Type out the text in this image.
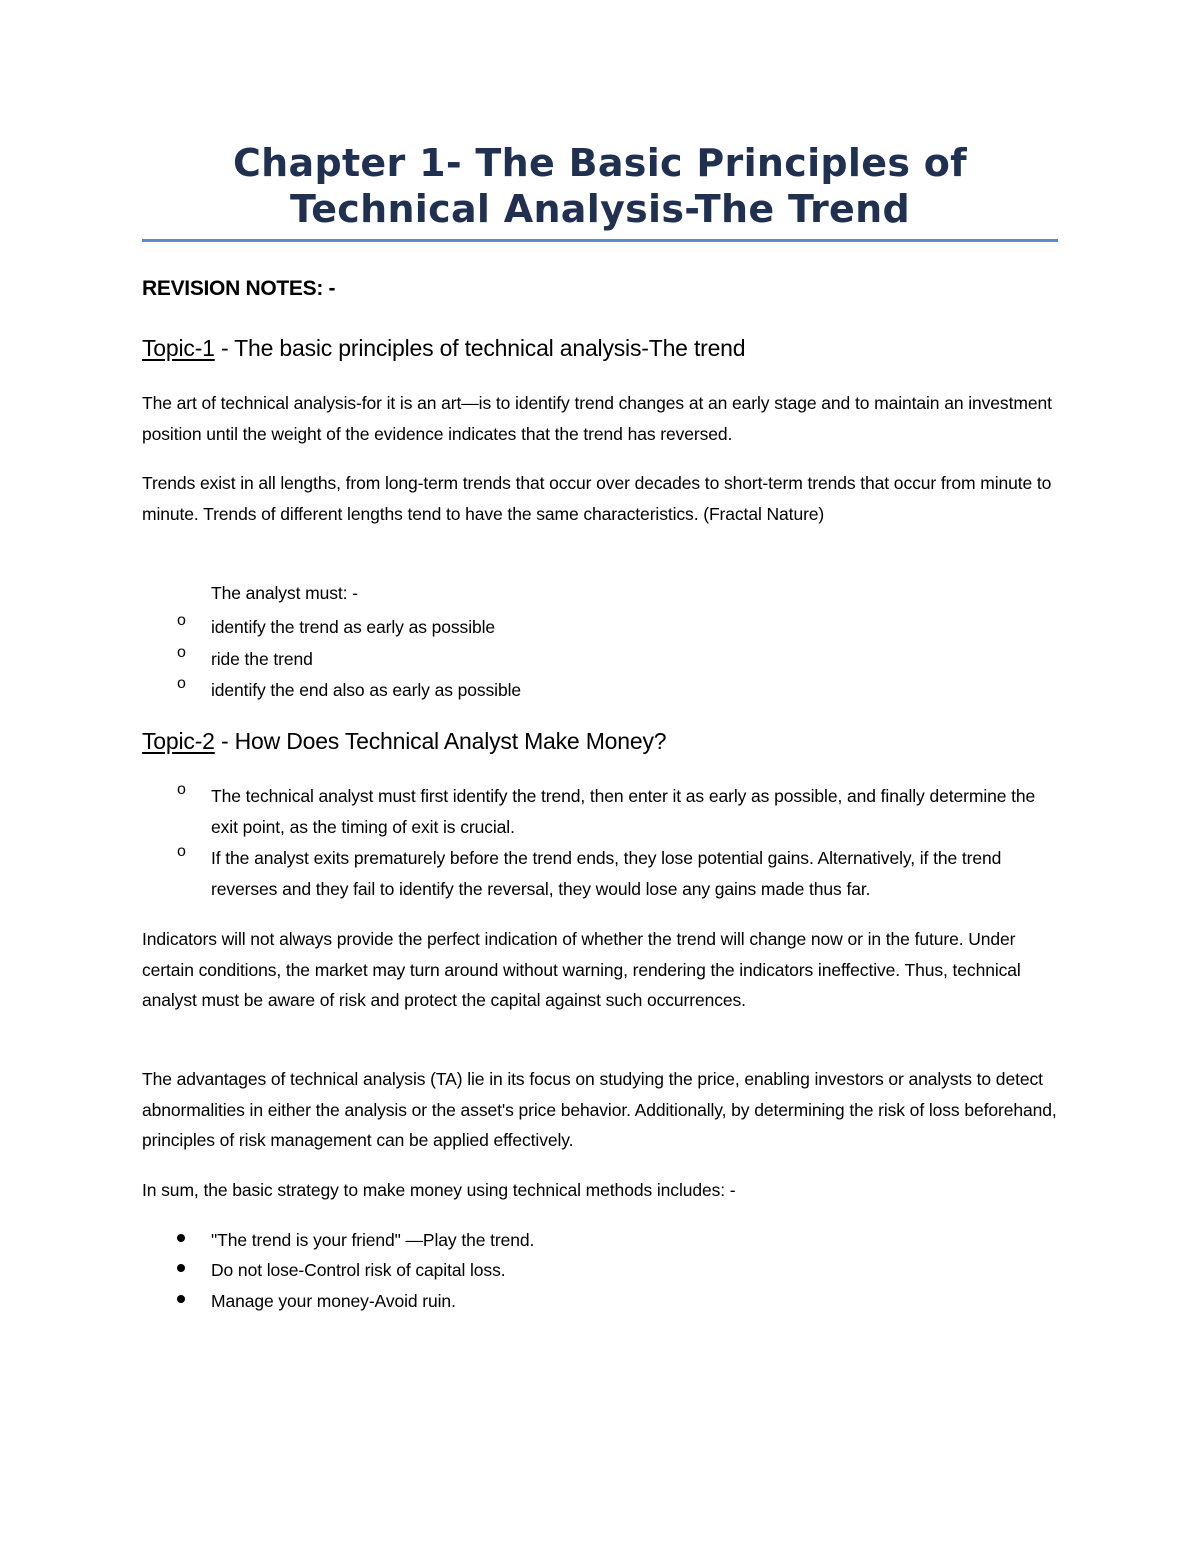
Chapter 1- The Basic Principles of
Technical Analysis-The Trend
REVISION NOTES: -
Topic-1 - The basic principles of technical analysis-The trend
The art of technical analysis-for it is an art—is to identify trend changes at an early stage and to maintain an investment position until the weight of the evidence indicates that the trend has reversed.
Trends exist in all lengths, from long-term trends that occur over decades to short-term trends that occur from minute to minute. Trends of different lengths tend to have the same characteristics. (Fractal Nature)
The analyst must: -
o identify the trend as early as possible
o ride the trend
o identify the end also as early as possible
Topic-2 - How Does Technical Analyst Make Money?
o The technical analyst must first identify the trend, then enter it as early as possible, and finally determine the exit point, as the timing of exit is crucial.
o If the analyst exits prematurely before the trend ends, they lose potential gains. Alternatively, if the trend reverses and they fail to identify the reversal, they would lose any gains made thus far.
Indicators will not always provide the perfect indication of whether the trend will change now or in the future. Under certain conditions, the market may turn around without warning, rendering the indicators ineffective. Thus, technical analyst must be aware of risk and protect the capital against such occurrences.
The advantages of technical analysis (TA) lie in its focus on studying the price, enabling investors or analysts to detect abnormalities in either the analysis or the asset's price behavior. Additionally, by determining the risk of loss beforehand, principles of risk management can be applied effectively.
In sum, the basic strategy to make money using technical methods includes: -
"The trend is your friend" —Play the trend.
Do not lose-Control risk of capital loss.
Manage your money-Avoid ruin.
